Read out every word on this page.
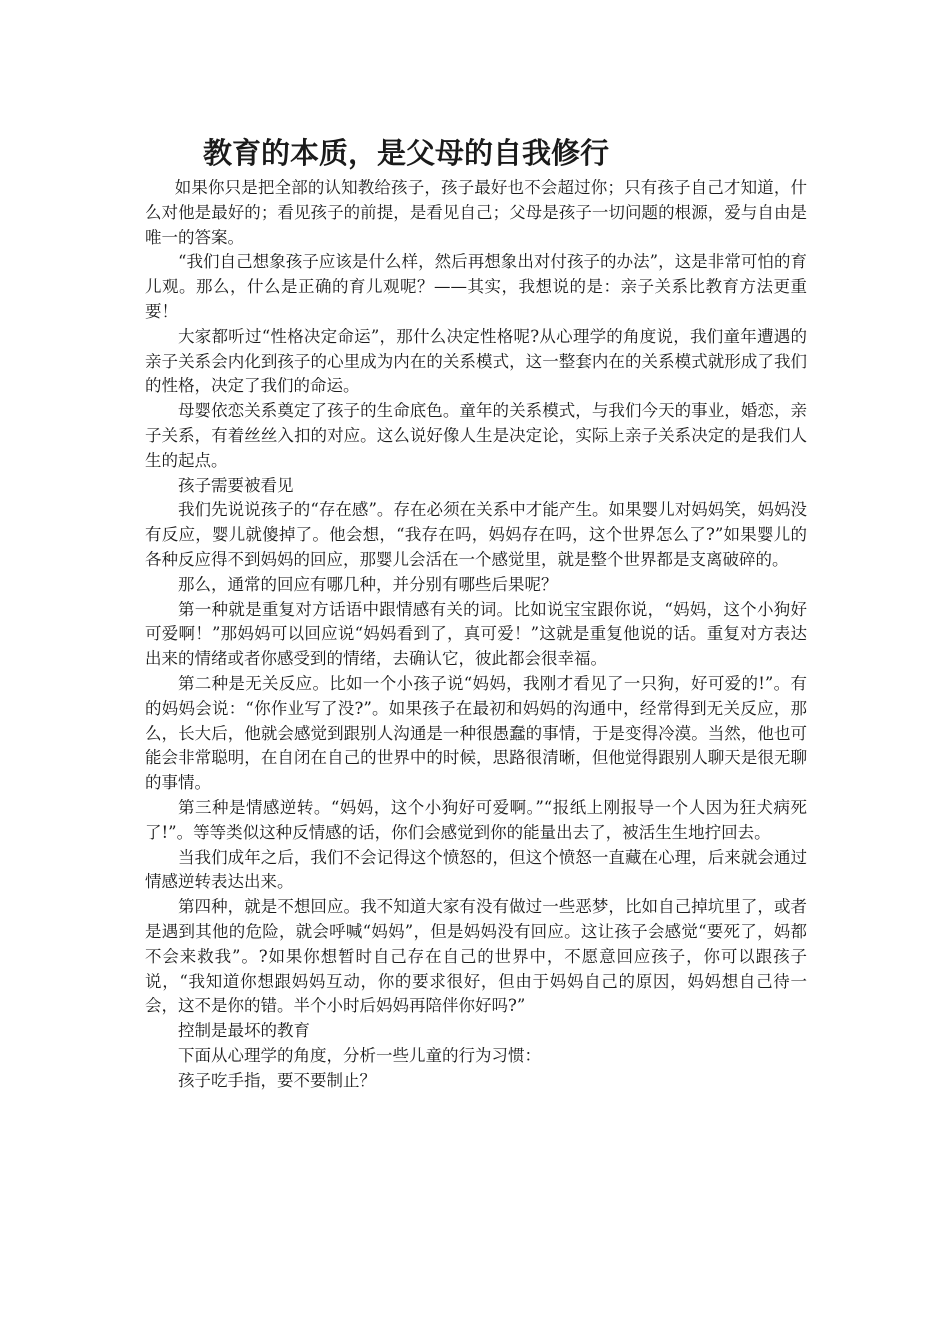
教育的本质，是父母的自我修行

如果你只是把全部的认知教给孩子，孩子最好也不会超过你；只有孩子自己才知道，什么对他是最好的；看见孩子的前提，是看见自己；父母是孩子一切问题的根源，爱与自由是唯一的答案。

“我们自己想象孩子应该是什么样，然后再想象出对付孩子的办法”，这是非常可怕的育儿观。那么，什么是正确的育儿观呢？——其实，我想说的是：亲子关系比教育方法更重要！

大家都听过“性格决定命运”，那什么决定性格呢?从心理学的角度说，我们童年遭遇的亲子关系会内化到孩子的心里成为内在的关系模式，这一整套内在的关系模式就形成了我们的性格，决定了我们的命运。

母婴依恋关系奠定了孩子的生命底色。童年的关系模式，与我们今天的事业，婚恋，亲子关系，有着丝丝入扣的对应。这么说好像人生是决定论，实际上亲子关系决定的是我们人生的起点。

孩子需要被看见

我们先说说孩子的“存在感”。存在必须在关系中才能产生。如果婴儿对妈妈笑，妈妈没有反应，婴儿就傻掉了。他会想，“我存在吗，妈妈存在吗，这个世界怎么了?”如果婴儿的各种反应得不到妈妈的回应，那婴儿会活在一个感觉里，就是整个世界都是支离破碎的。

那么，通常的回应有哪几种，并分别有哪些后果呢？

第一种就是重复对方话语中跟情感有关的词。比如说宝宝跟你说，“妈妈，这个小狗好可爱啊！”那妈妈可以回应说“妈妈看到了，真可爱！”这就是重复他说的话。重复对方表达出来的情绪或者你感受到的情绪，去确认它，彼此都会很幸福。

第二种是无关反应。比如一个小孩子说“妈妈，我刚才看见了一只狗，好可爱的!”。有的妈妈会说：“你作业写了没?”。如果孩子在最初和妈妈的沟通中，经常得到无关反应，那么，长大后，他就会感觉到跟别人沟通是一种很愚蠢的事情，于是变得冷漠。当然，他也可能会非常聪明，在自闭在自己的世界中的时候，思路很清晰，但他觉得跟别人聊天是很无聊的事情。

第三种是情感逆转。“妈妈，这个小狗好可爱啊。”“报纸上刚报导一个人因为狂犬病死了!”。等等类似这种反情感的话，你们会感觉到你的能量出去了，被活生生地拧回去。

当我们成年之后，我们不会记得这个愤怒的，但这个愤怒一直藏在心理，后来就会通过情感逆转表达出来。

第四种，就是不想回应。我不知道大家有没有做过一些恶梦，比如自己掉坑里了，或者是遇到其他的危险，就会呼喊“妈妈”，但是妈妈没有回应。这让孩子会感觉“要死了，妈都不会来救我”。?如果你想暂时自己存在自己的世界中，不愿意回应孩子，你可以跟孩子说，“我知道你想跟妈妈互动，你的要求很好，但由于妈妈自己的原因，妈妈想自己待一会，这不是你的错。半个小时后妈妈再陪伴你好吗?”

控制是最坏的教育

下面从心理学的角度，分析一些儿童的行为习惯：

孩子吃手指，要不要制止？
